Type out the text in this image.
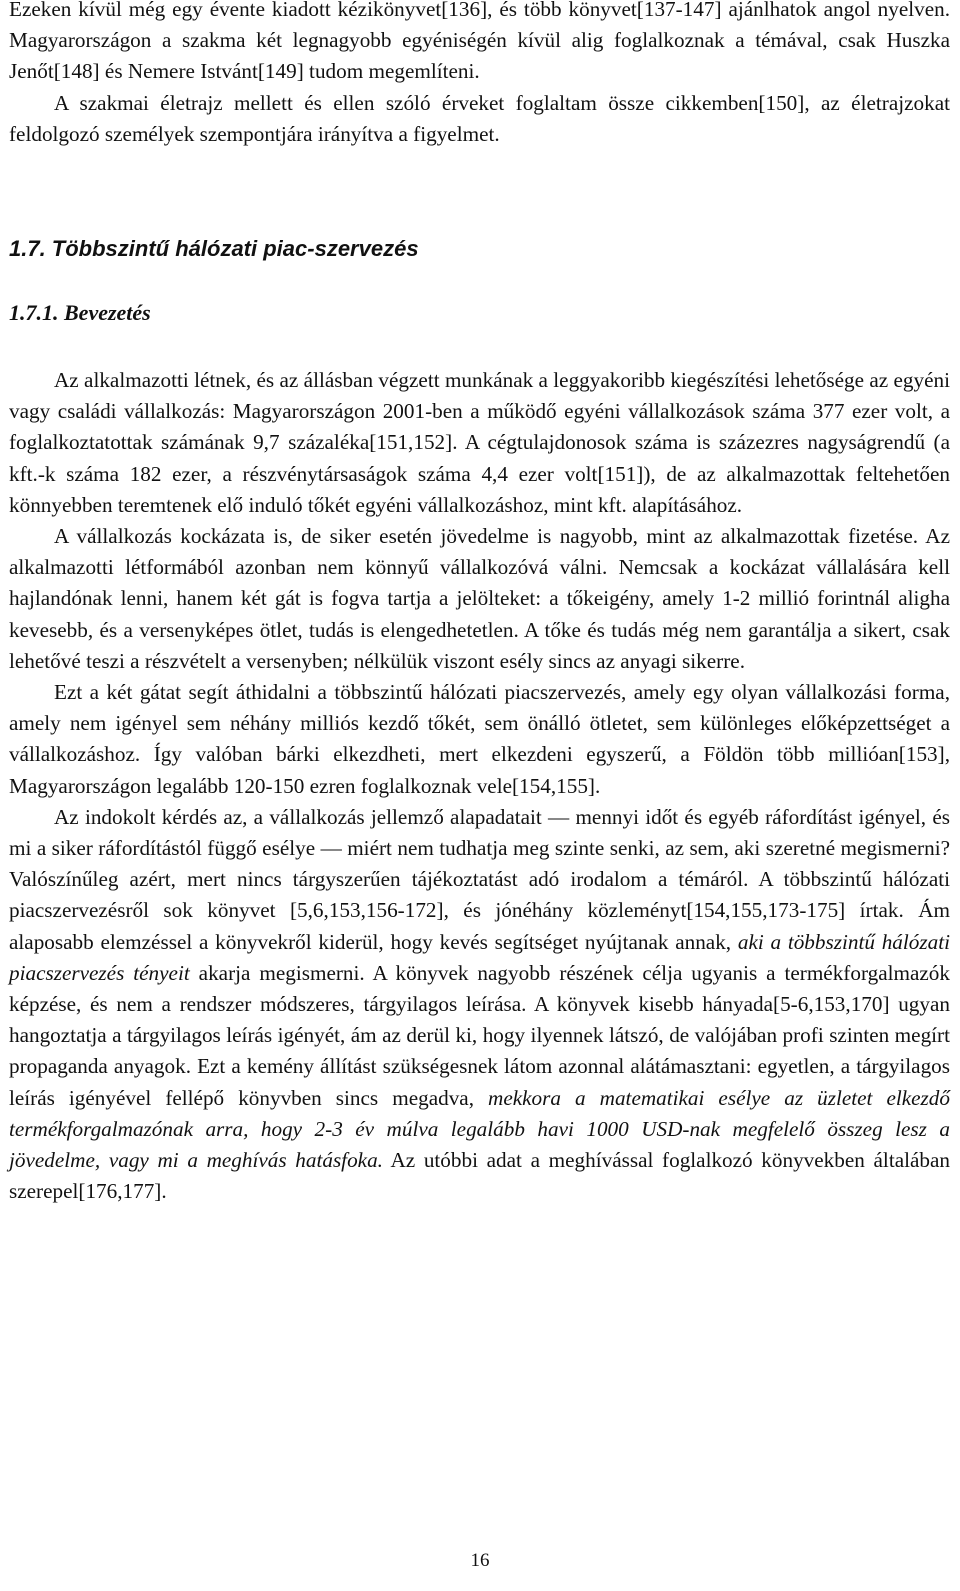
Ezeken kívül még egy évente kiadott kézikönyvet[136], és több könyvet[137-147] ajánlhatok angol nyelven. Magyarországon a szakma két legnagyobb egyéniségén kívül alig foglalkoznak a témával, csak Huszka Jenőt[148] és Nemere Istvánt[149] tudom megemlíteni.

A szakmai életrajz mellett és ellen szóló érveket foglaltam össze cikkemben[150], az életrajzokat feldolgozó személyek szempontjára irányítva a figyelmet.

1.7. Többszintű hálózati piac-szervezés
1.7.1. Bevezetés

Az alkalmazotti létnek, és az állásban végzett munkának a leggyakoribb kiegészítési lehetősége az egyéni vagy családi vállalkozás: Magyarországon 2001-ben a működő egyéni vállalkozások száma 377 ezer volt, a foglalkoztatottak számának 9,7 százaléka[151,152]. A cégtulajdonosok száma is százezres nagyságrendű (a kft.-k száma 182 ezer, a részvénytársaságok száma 4,4 ezer volt[151]), de az alkalmazottak feltehetően könnyebben teremtenek elő induló tőkét egyéni vállalkozáshoz, mint kft. alapításához.

A vállalkozás kockázata is, de siker esetén jövedelme is nagyobb, mint az alkalmazottak fizetése. Az alkalmazotti létformából azonban nem könnyű vállalkozóvá válni. Nemcsak a kockázat vállalására kell hajlandónak lenni, hanem két gát is fogva tartja a jelölteket: a tőkeigény, amely 1-2 millió forintnál aligha kevesebb, és a versenyképes ötlet, tudás is elengedhetetlen. A tőke és tudás még nem garantálja a sikert, csak lehetővé teszi a részvételt a versenyben; nélkülük viszont esély sincs az anyagi sikerre.

Ezt a két gátat segít áthidalni a többszintű hálózati piacszervezés, amely egy olyan vállalkozási forma, amely nem igényel sem néhány milliós kezdő tőkét, sem önálló ötletet, sem különleges előképzettséget a vállalkozáshoz. Így valóban bárki elkezdheti, mert elkezdeni egyszerű, a Földön több millióan[153], Magyarországon legalább 120-150 ezren foglalkoznak vele[154,155].

Az indokolt kérdés az, a vállalkozás jellemző alapadatait — mennyi időt és egyéb ráfordítást igényel, és mi a siker ráfordítástól függő esélye — miért nem tudhatja meg szinte senki, az sem, aki szeretné megismerni? Valószínűleg azért, mert nincs tárgyszerűen tájékoztatást adó irodalom a témáról. A többszintű hálózati piacszervezésről sok könyvet [5,6,153,156-172], és jónéhány közleményt[154,155,173-175] írtak. Ám alaposabb elemzéssel a könyvekről kiderül, hogy kevés segítséget nyújtanak annak, aki a többszintű hálózati piacszervezés tényeit akarja megismerni. A könyvek nagyobb részének célja ugyanis a termékforgalmazók képzése, és nem a rendszer módszeres, tárgyilagos leírása. A könyvek kisebb hányada[5-6,153,170] ugyan hangoztatja a tárgyilagos leírás igényét, ám az derül ki, hogy ilyennek látszó, de valójában profi szinten megírt propaganda anyagok. Ezt a kemény állítást szükségesnek látom azonnal alátámasztani: egyetlen, a tárgyilagos leírás igényével fellépő könyvben sincs megadva, mekkora a matematikai esélye az üzletet elkezdő termékforgalmazónak arra, hogy 2-3 év múlva legalább havi 1000 USD-nak megfelelő összeg lesz a jövedelme, vagy mi a meghívás hatásfoka. Az utóbbi adat a meghívással foglalkozó könyvekben általában szerepel[176,177].

16
